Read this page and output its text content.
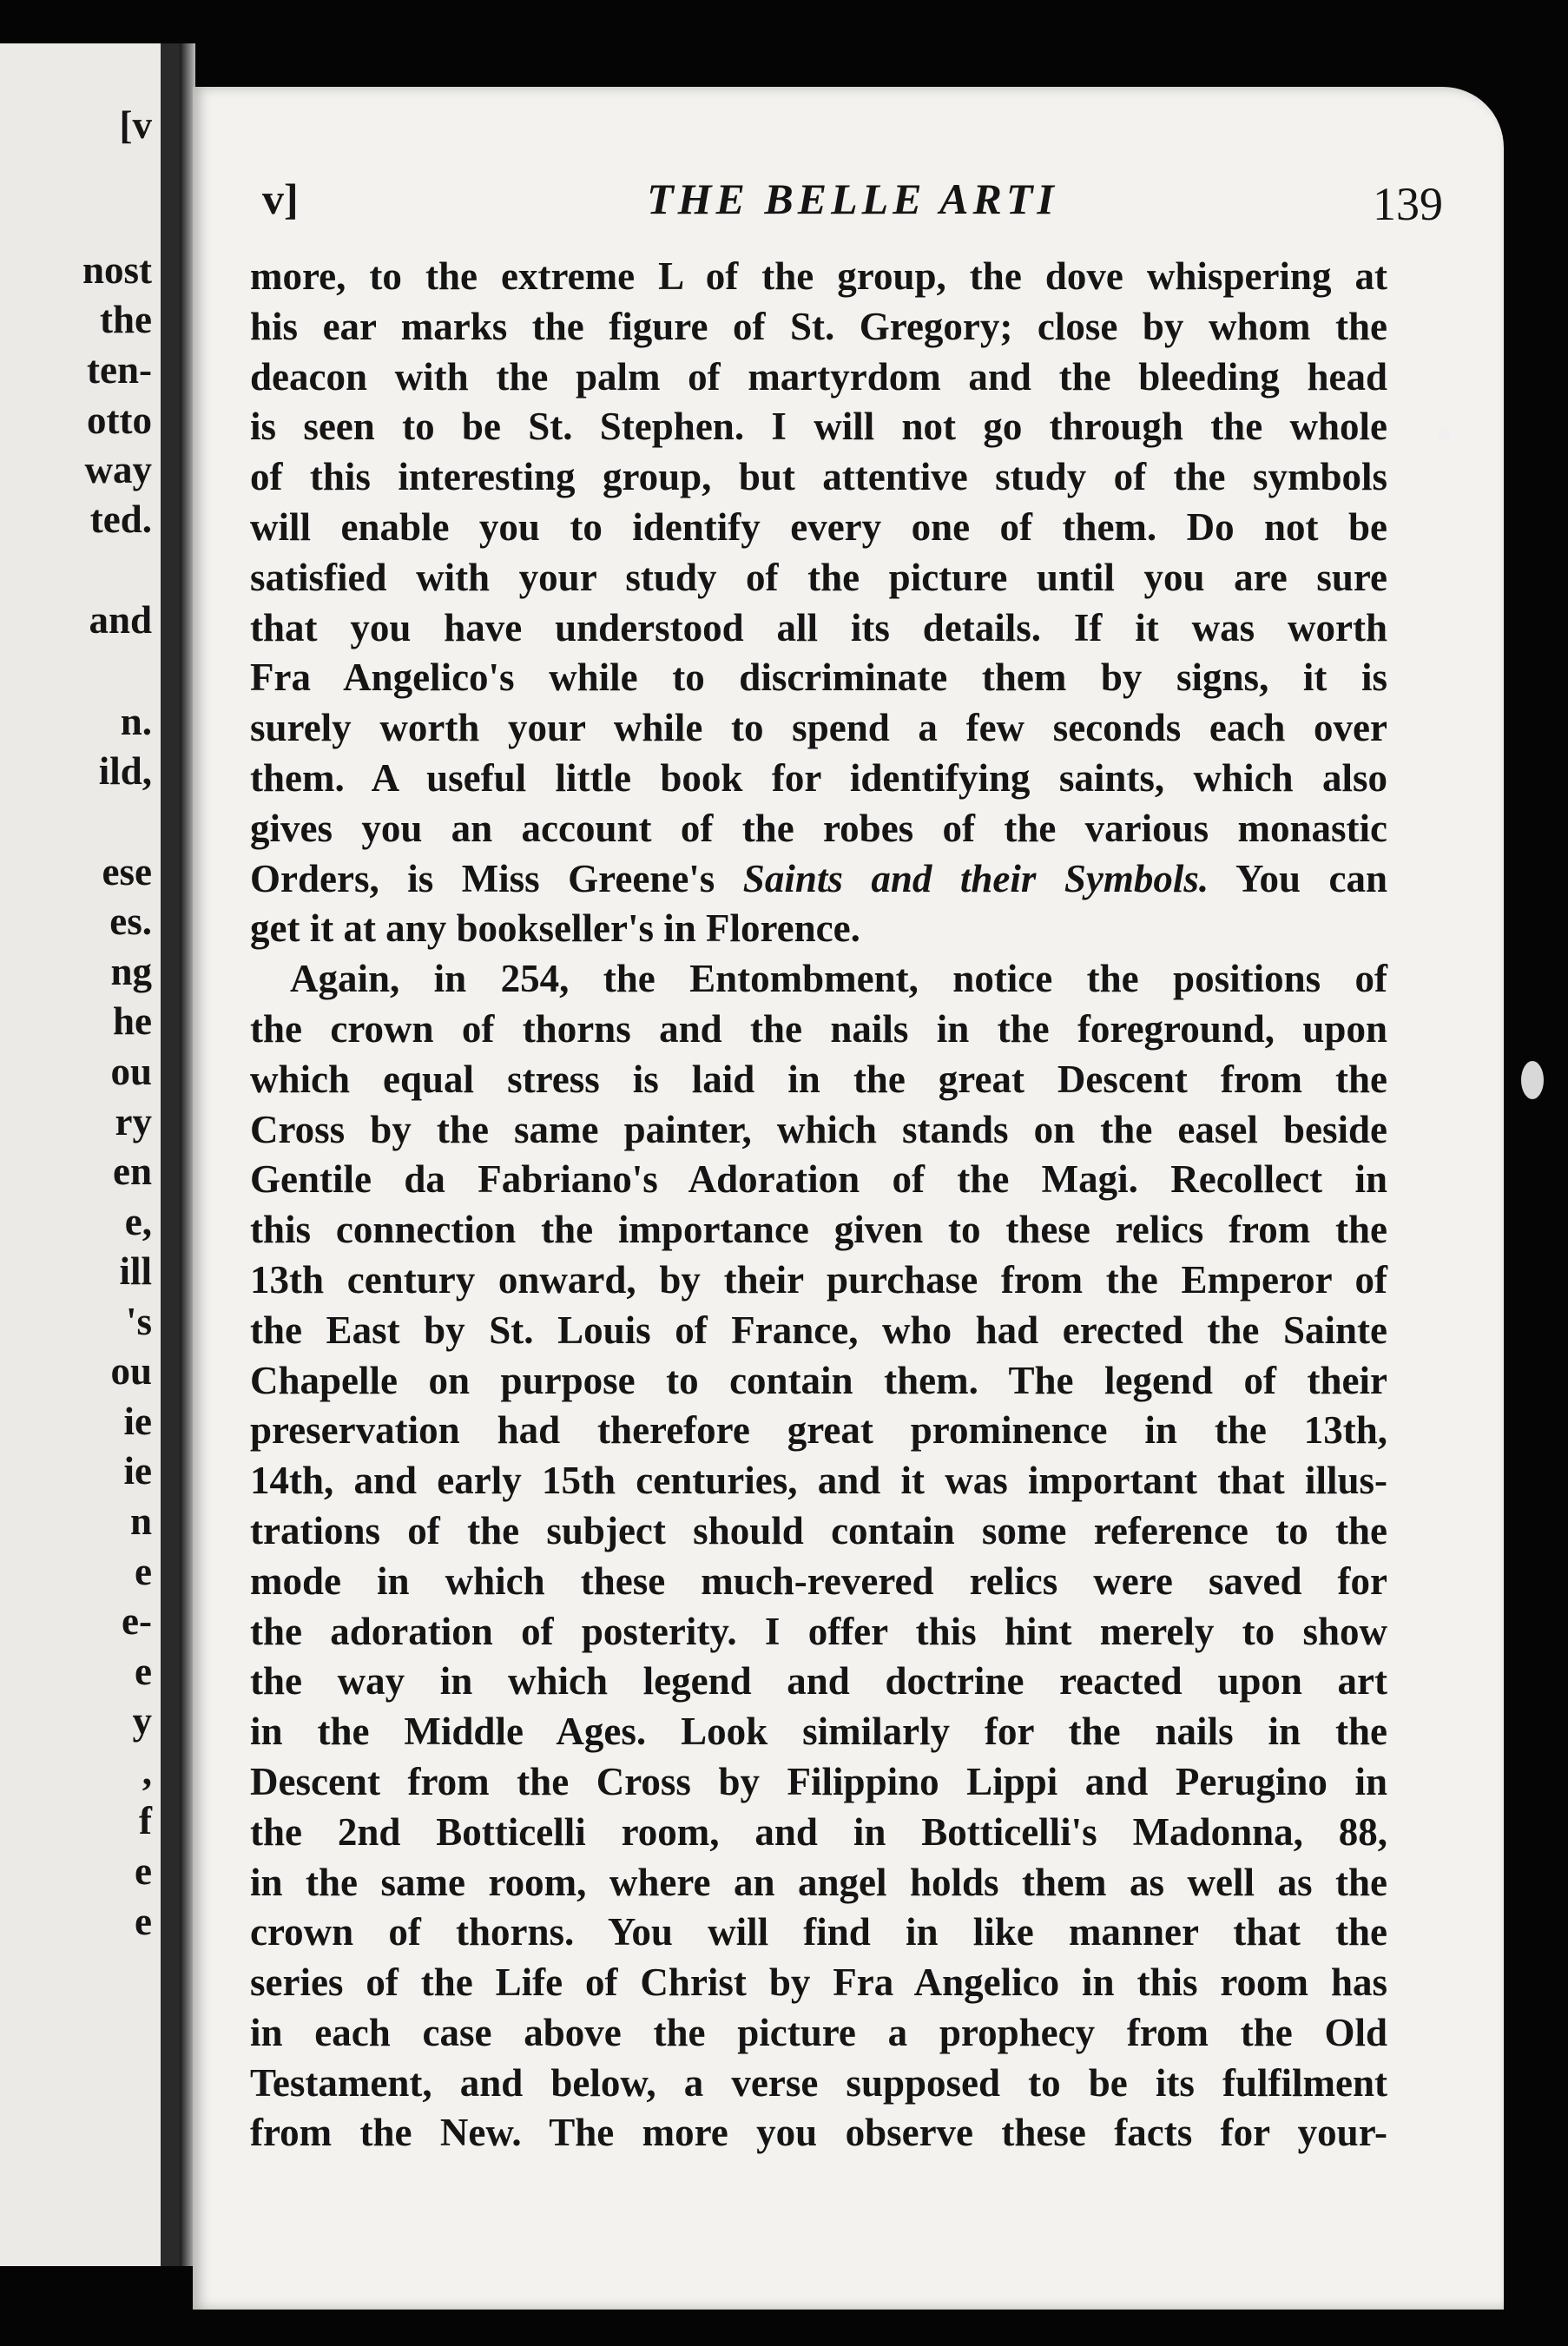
[v

nost

the

ten-

otto

way

ted.

and

n.

ild,

ese

es.

ng

he

ou

ry

en

e,

ill

's

ou

ie

ie

n

e

e-

e

y

,

f

e

e

v]	THE BELLE ARTI	139
more, to the extreme L of the group, the dove whispering at
his ear marks the figure of St. Gregory; close by whom the
deacon with the palm of martyrdom and the bleeding head
is seen to be St. Stephen. I will not go through the whole
of this interesting group, but attentive study of the symbols
will enable you to identify every one of them. Do not be
satisfied with your study of the picture until you are sure
that you have understood all its details. If it was worth
Fra Angelico's while to discriminate them by signs, it is
surely worth your while to spend a few seconds each over
them. A useful little book for identifying saints, which also
gives you an account of the robes of the various monastic
Orders, is Miss Greene's Saints and their Symbols. You can
get it at any bookseller's in Florence.
Again, in 254, the Entombment, notice the positions of
the crown of thorns and the nails in the foreground, upon
which equal stress is laid in the great Descent from the
Cross by the same painter, which stands on the easel beside
Gentile da Fabriano's Adoration of the Magi. Recollect in
this connection the importance given to these relics from the
13th century onward, by their purchase from the Emperor of
the East by St. Louis of France, who had erected the Sainte
Chapelle on purpose to contain them. The legend of their
preservation had therefore great prominence in the 13th,
14th, and early 15th centuries, and it was important that illus-
trations of the subject should contain some reference to the
mode in which these much-revered relics were saved for
the adoration of posterity. I offer this hint merely to show
the way in which legend and doctrine reacted upon art
in the Middle Ages. Look similarly for the nails in the
Descent from the Cross by Filippino Lippi and Perugino in
the 2nd Botticelli room, and in Botticelli's Madonna, 88,
in the same room, where an angel holds them as well as the
crown of thorns. You will find in like manner that the
series of the Life of Christ by Fra Angelico in this room has
in each case above the picture a prophecy from the Old
Testament, and below, a verse supposed to be its fulfilment
from the New. The more you observe these facts for your-
